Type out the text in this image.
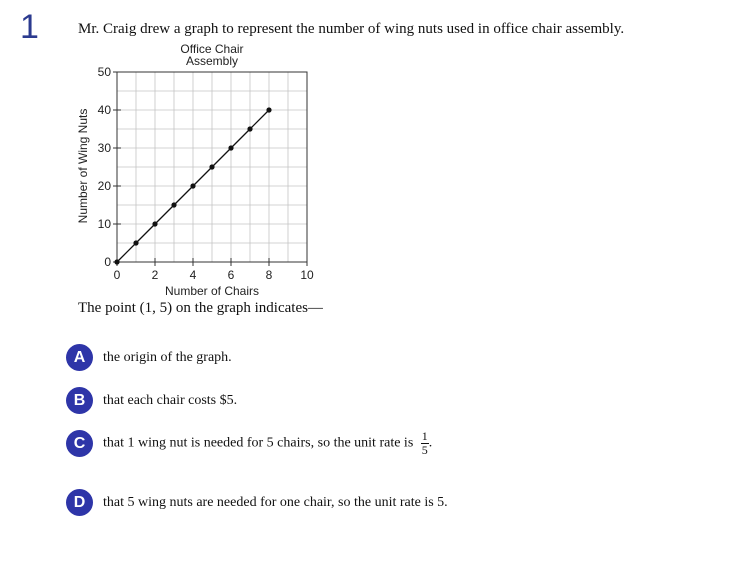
1	Mr. Craig drew a graph to represent the number of wing nuts used in office chair assembly.
Office Chair
Assembly
0	2	4	6	8 10
0
10
20
30
40
50
Number of Chairs
Number of Wing Nuts
The point (1, 5) on the graph indicates—
A	the origin of the graph.
B	that each chair costs $5.
C	that 1 wing nut is needed for 5 chairs, so the unit rate is $\frac{1}{5}$ .
D	that 5 wing nuts are needed for one chair, so the unit rate is 5.
